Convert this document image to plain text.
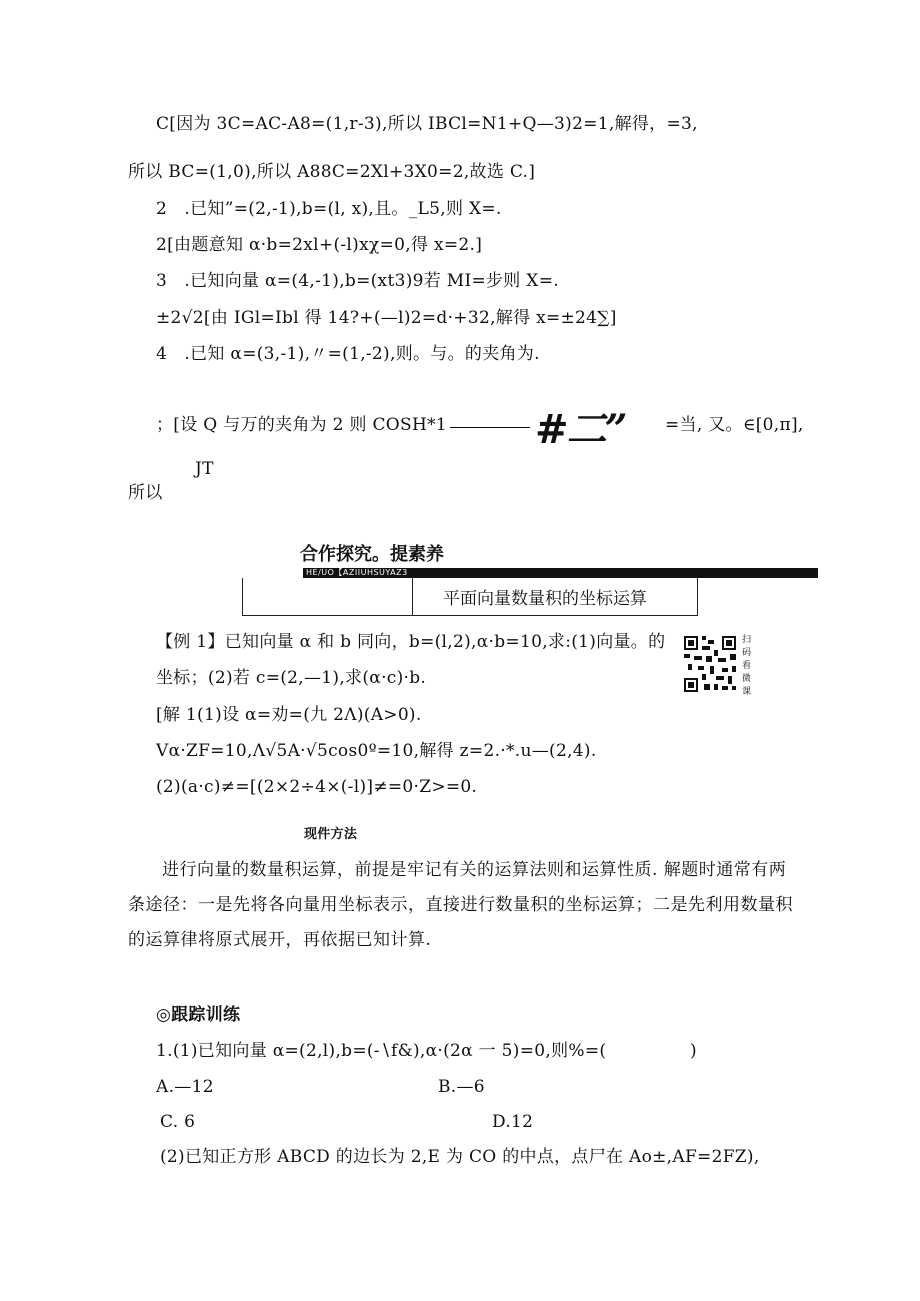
C[因为 3C=AC-A8=(1,r-3),所以 IBCl=N1+Q—3)2=1,解得，=3,
所以 BC=(1,0),所以 A88C=2Xl+3X0=2,故选 C.]
2　.已知”=(2,-1),b=(l, x),且。_L5,则 X=.
2[由题意知 α·b=2xl+(-l)xχ=0,得 x=2.]
3　.已知向量 α=(4,-1),b=(xt3)9若 MI=步则 X=.
±2√2[由 IGl=Ibl 得 14?+(—l)2=d·+32,解得 x=±24∑]
4　.已知 α=(3,-1),〃=(1,-2),则。与。的夹角为.
；[设 Q 与万的夹角为 2 则 COSH*1 #二” =当, 又。∈[0,π],
JT
所以
合作探究。提素养
HE/UO【AZIIUHSUYAZ3
平面向量数量积的坐标运算
【例 1】已知向量 α 和 b 同向，b=(l,2),α·b=10,求:(1)向量。的
坐标；(2)若 c=(2,—1),求(α·c)·b.
扫码看微课
[解 1(1)设 α=劝=(九 2Λ)(A>0).
Vα·ZF=10,Λ√5A·√5cos0º=10,解得 z=2.·*.u—(2,4).
(2)(a·c)≠=[(2×2÷4×(-l)]≠=0·Z>=0.
现件方法
进行向量的数量积运算，前提是牢记有关的运算法则和运算性质. 解题时通常有两条途径：一是先将各向量用坐标表示，直接进行数量积的坐标运算；二是先利用数量积的运算律将原式展开，再依据已知计算.
◎跟踪训练
1.(1)已知向量 α=(2,l),b=(-∖f&),α·(2α 一 5)=0,则%=(	)
A.—12	B.—6
C. 6	D.12
(2)已知正方形 ABCD 的边长为 2,E 为 CO 的中点，点尸在 Ao±,AF=2FZ),
